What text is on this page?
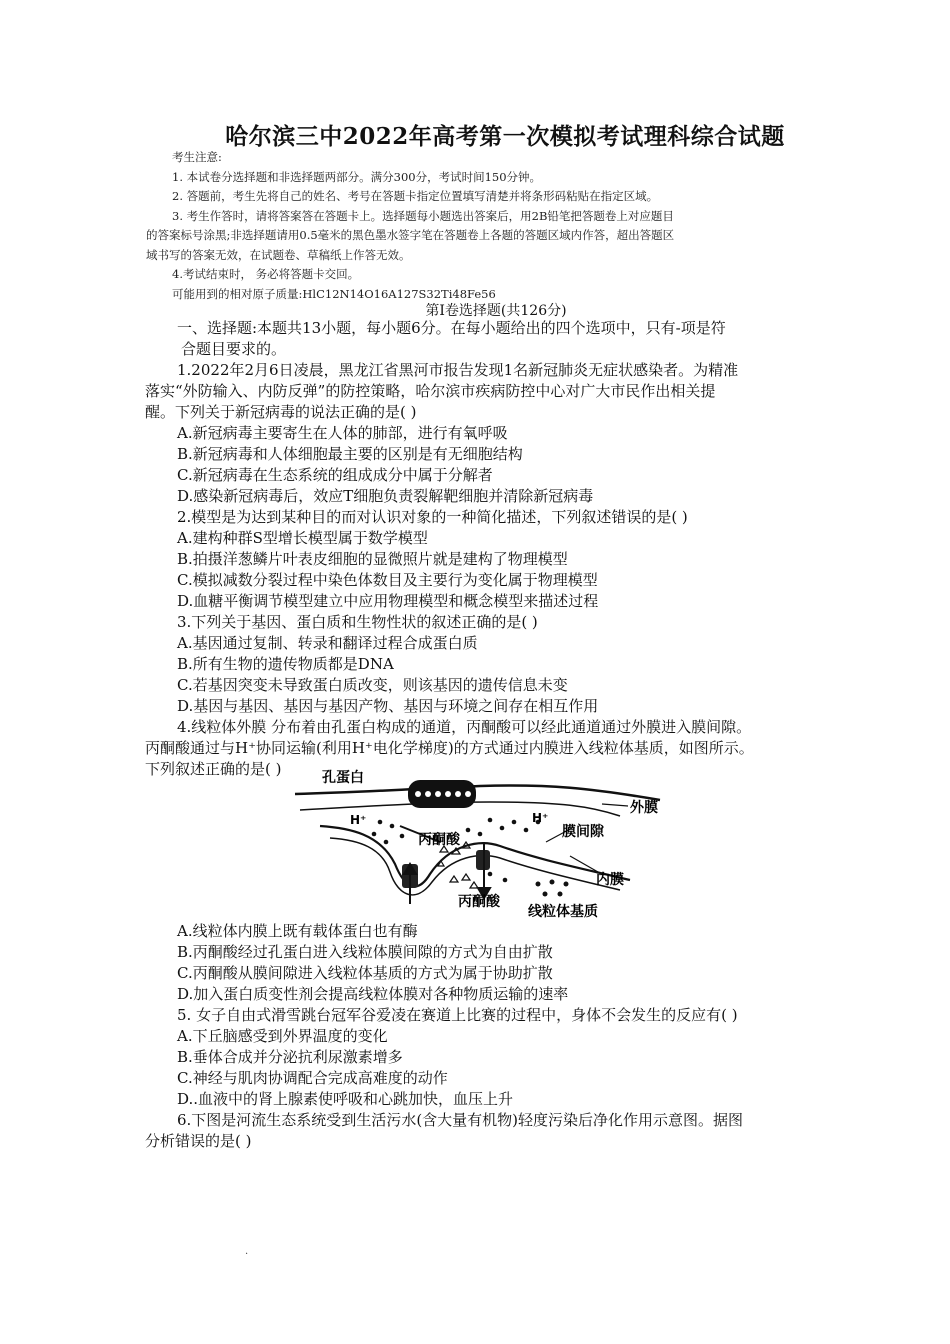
哈尔滨三中2022年高考第一次模拟考试理科综合试题
考生注意:
1. 本试卷分选择题和非选择题两部分。满分300分，考试时间150分钟。
2. 答题前，考生先将自己的姓名、考号在答题卡指定位置填写清楚并将条形码粘贴在指定区域。
3. 考生作答时，请将答案答在答题卡上。选择题每小题选出答案后，用2B铅笔把答题卷上对应题目
的答案标号涂黑;非选择题请用0.5毫米的黑色墨水签字笔在答题卷上各题的答题区域内作答，超出答题区
域书写的答案无效，在试题卷、草稿纸上作答无效。
4.考试结束时， 务必将答题卡交回。
可能用到的相对原子质量:HlC12N14O16A127S32Ti48Fe56
第I卷选择题(共126分)

一、选择题:本题共13小题，每小题6分。在每小题给出的四个选项中，只有-项是符

合题目要求的。

1.2022年2月6日凌晨，黑龙江省黑河市报告发现1名新冠肺炎无症状感染者。为精准

落实“外防输入、内防反弹”的防控策略，哈尔滨市疾病防控中心对广大市民作出相关提

醒。下列关于新冠病毒的说法正确的是( )

A.新冠病毒主要寄生在人体的肺部，进行有氧呼吸

B.新冠病毒和人体细胞最主要的区别是有无细胞结构

C.新冠病毒在生态系统的组成成分中属于分解者

D.感染新冠病毒后，效应T细胞负责裂解靶细胞并清除新冠病毒

2.模型是为达到某种目的而对认识对象的一种简化描述，下列叙述错误的是( )

A.建构种群S型增长模型属于数学模型

B.拍摄洋葱鳞片叶表皮细胞的显微照片就是建构了物理模型

C.模拟减数分裂过程中染色体数目及主要行为变化属于物理模型

D.血糖平衡调节模型建立中应用物理模型和概念模型来描述过程

3.下列关于基因、蛋白质和生物性状的叙述正确的是( )

A.基因通过复制、转录和翻译过程合成蛋白质

B.所有生物的遗传物质都是DNA

C.若基因突变未导致蛋白质改变，则该基因的遗传信息未变

D.基因与基因、基因与基因产物、基因与环境之间存在相互作用

4.线粒体外膜 分布着由孔蛋白构成的通道，丙酮酸可以经此通道通过外膜进入膜间隙。

丙酮酸通过与H⁺协同运输(利用H⁺电化学梯度)的方式通过内膜进入线粒体基质，如图所示。

下列叙述正确的是( )	孔蛋白
外膜
H⁺	H⁺
丙酮酸	膜间隙
内膜
丙酮酸
线粒体基质

A.线粒体内膜上既有载体蛋白也有酶

B.丙酮酸经过孔蛋白进入线粒体膜间隙的方式为自由扩散

C.丙酮酸从膜间隙进入线粒体基质的方式为属于协助扩散

D.加入蛋白质变性剂会提高线粒体膜对各种物质运输的速率

5. 女子自由式滑雪跳台冠军谷爱凌在赛道上比赛的过程中，身体不会发生的反应有( )

A.下丘脑感受到外界温度的变化

B.垂体合成并分泌抗利尿激素增多

C.神经与肌肉协调配合完成高难度的动作

D..血液中的肾上腺素使呼吸和心跳加快，血压上升

6.下图是河流生态系统受到生活污水(含大量有机物)轻度污染后净化作用示意图。据图

分析错误的是( )

.
